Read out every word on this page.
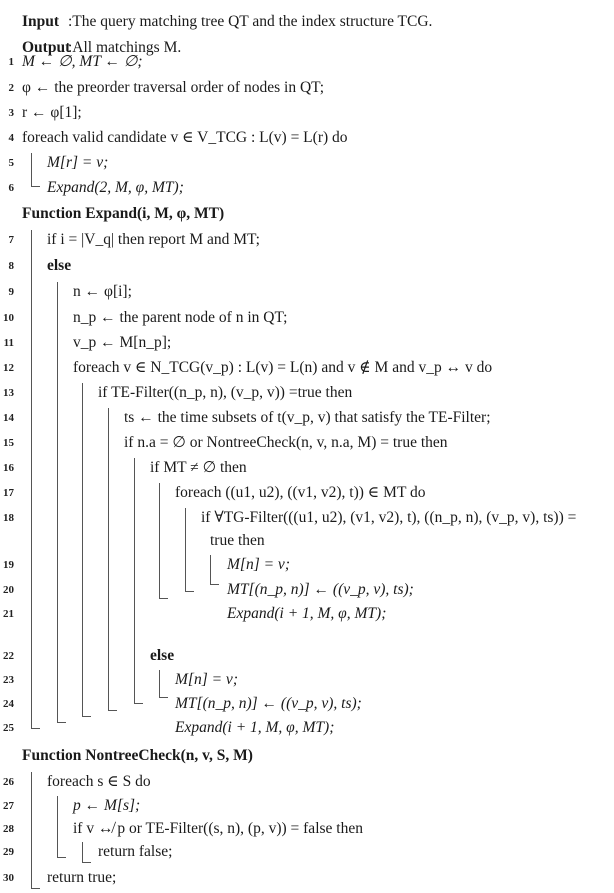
Input :The query matching tree QT and the index structure TCG.
Output
:All matchings M.
1 M ← ∅, MT ← ∅;
2 φ ← the preorder traversal order of nodes in QT;
3 r ← φ[1];
4 foreach valid candidate v ∈ V_TCG : L(v) = L(r) do
5 M[r] = v;
6 Expand(2, M, φ, MT);
Function Expand(i, M, φ, MT)
7 if i = |V_q| then report M and MT;
8 else
9	n ← φ[i];
10	n_p ← the parent node of n in QT;
11	v_p ← M[n_p];
12	foreach v ∈ N_TCG(v_p) : L(v) = L(n) and v ∉ M and v_p ↔ v do
13	if TE-Filter((n_p, n), (v_p, v)) =true then
14	ts ← the time subsets of t(v_p, v) that satisfy the TE-Filter;
15	if n.a = ∅ or NontreeCheck(n, v, n.a, M) = true then
16	if MT ≠ ∅ then
17	foreach ((u1, u2), ((v1, v2), t)) ∈ MT do
18	if ∀TG-Filter(((u1, u2), (v1, v2), t), ((n_p, n), (v_p, v), ts)) =
true then
19	M[n] = v;
20	MT[(n_p, n)] ← ((v_p, v), ts);
21	Expand(i + 1, M, φ, MT);
22	else
23	M[n] = v;
24	MT[(n_p, n)] ← ((v_p, v), ts);
25	Expand(i + 1, M, φ, MT);
Function NontreeCheck(n, v, S, M)
26 foreach s ∈ S do
27	p ← M[s];
28	if v ↮ p or TE-Filter((s, n), (p, v)) = false then
29	return false;
30 return true;
